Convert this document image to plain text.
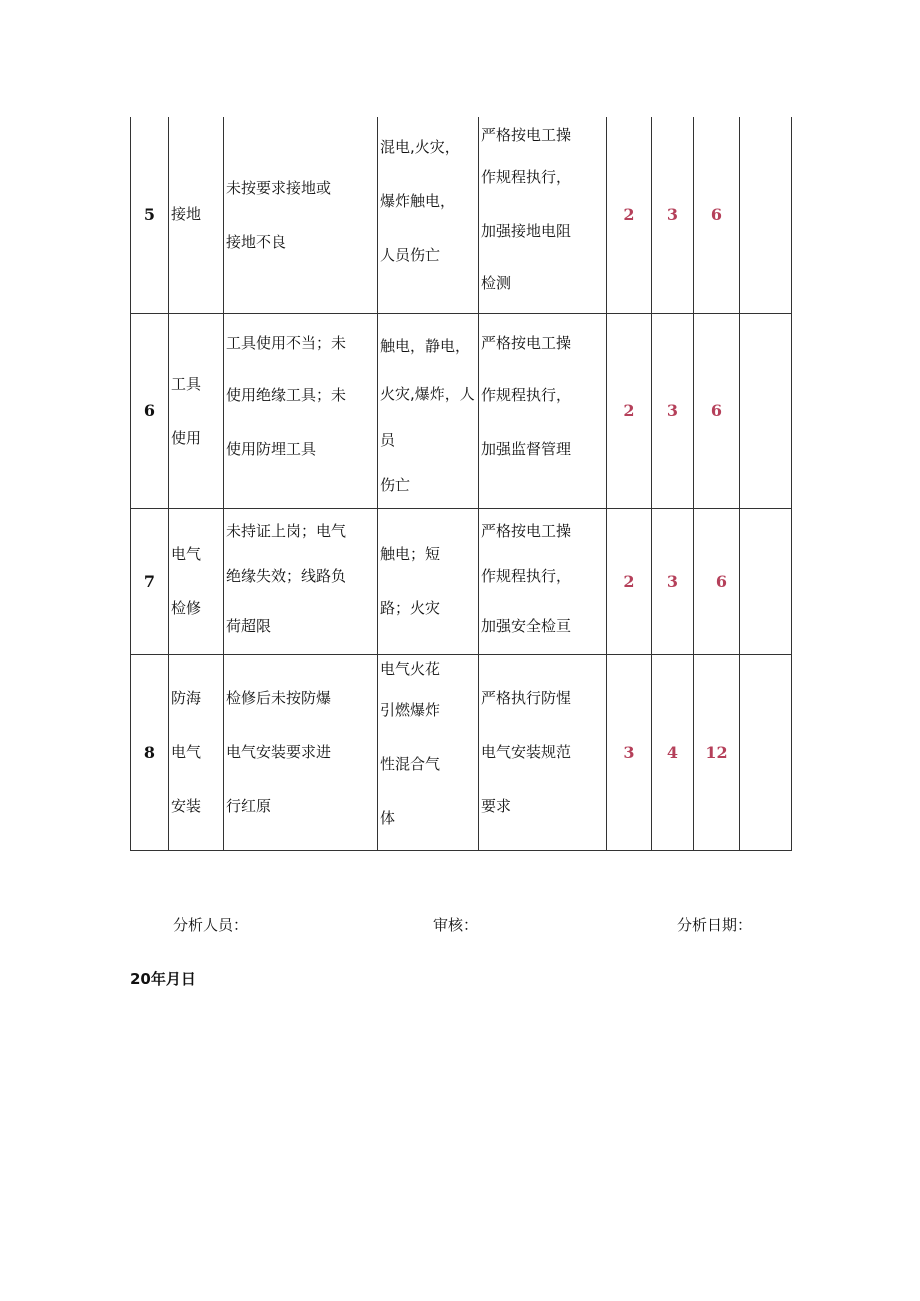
5	接地	未按要求接地或
接地不良	混电,火灾，
爆炸触电，
人员伤亡	严格按电工操
作规程执行，
加强接地电阻
检测	2	3	6	
6	工具
使用	工具使用不当；未
使用绝缘工具；未
使用防埋工具	触电，静电，
火灾,爆炸，人
员
伤亡	严格按电工操
作规程执行，
加强监督管理	2	3	6	
7	电气
检修	未持证上岗；电气
绝缘失效；线路负
荷超限	触电；短
路；火灾	严格按电工操
作规程执行，
加强安全检亘	2	3	6	
8	防海
电气
安装	检修后未按防爆
电气安装要求进
行红原	电气火花
引燃爆炸
性混合气
体	严格执行防惺
电气安装规范
要求	3	4	12	
分析人员：	审核：	分析日期：
20年月日
